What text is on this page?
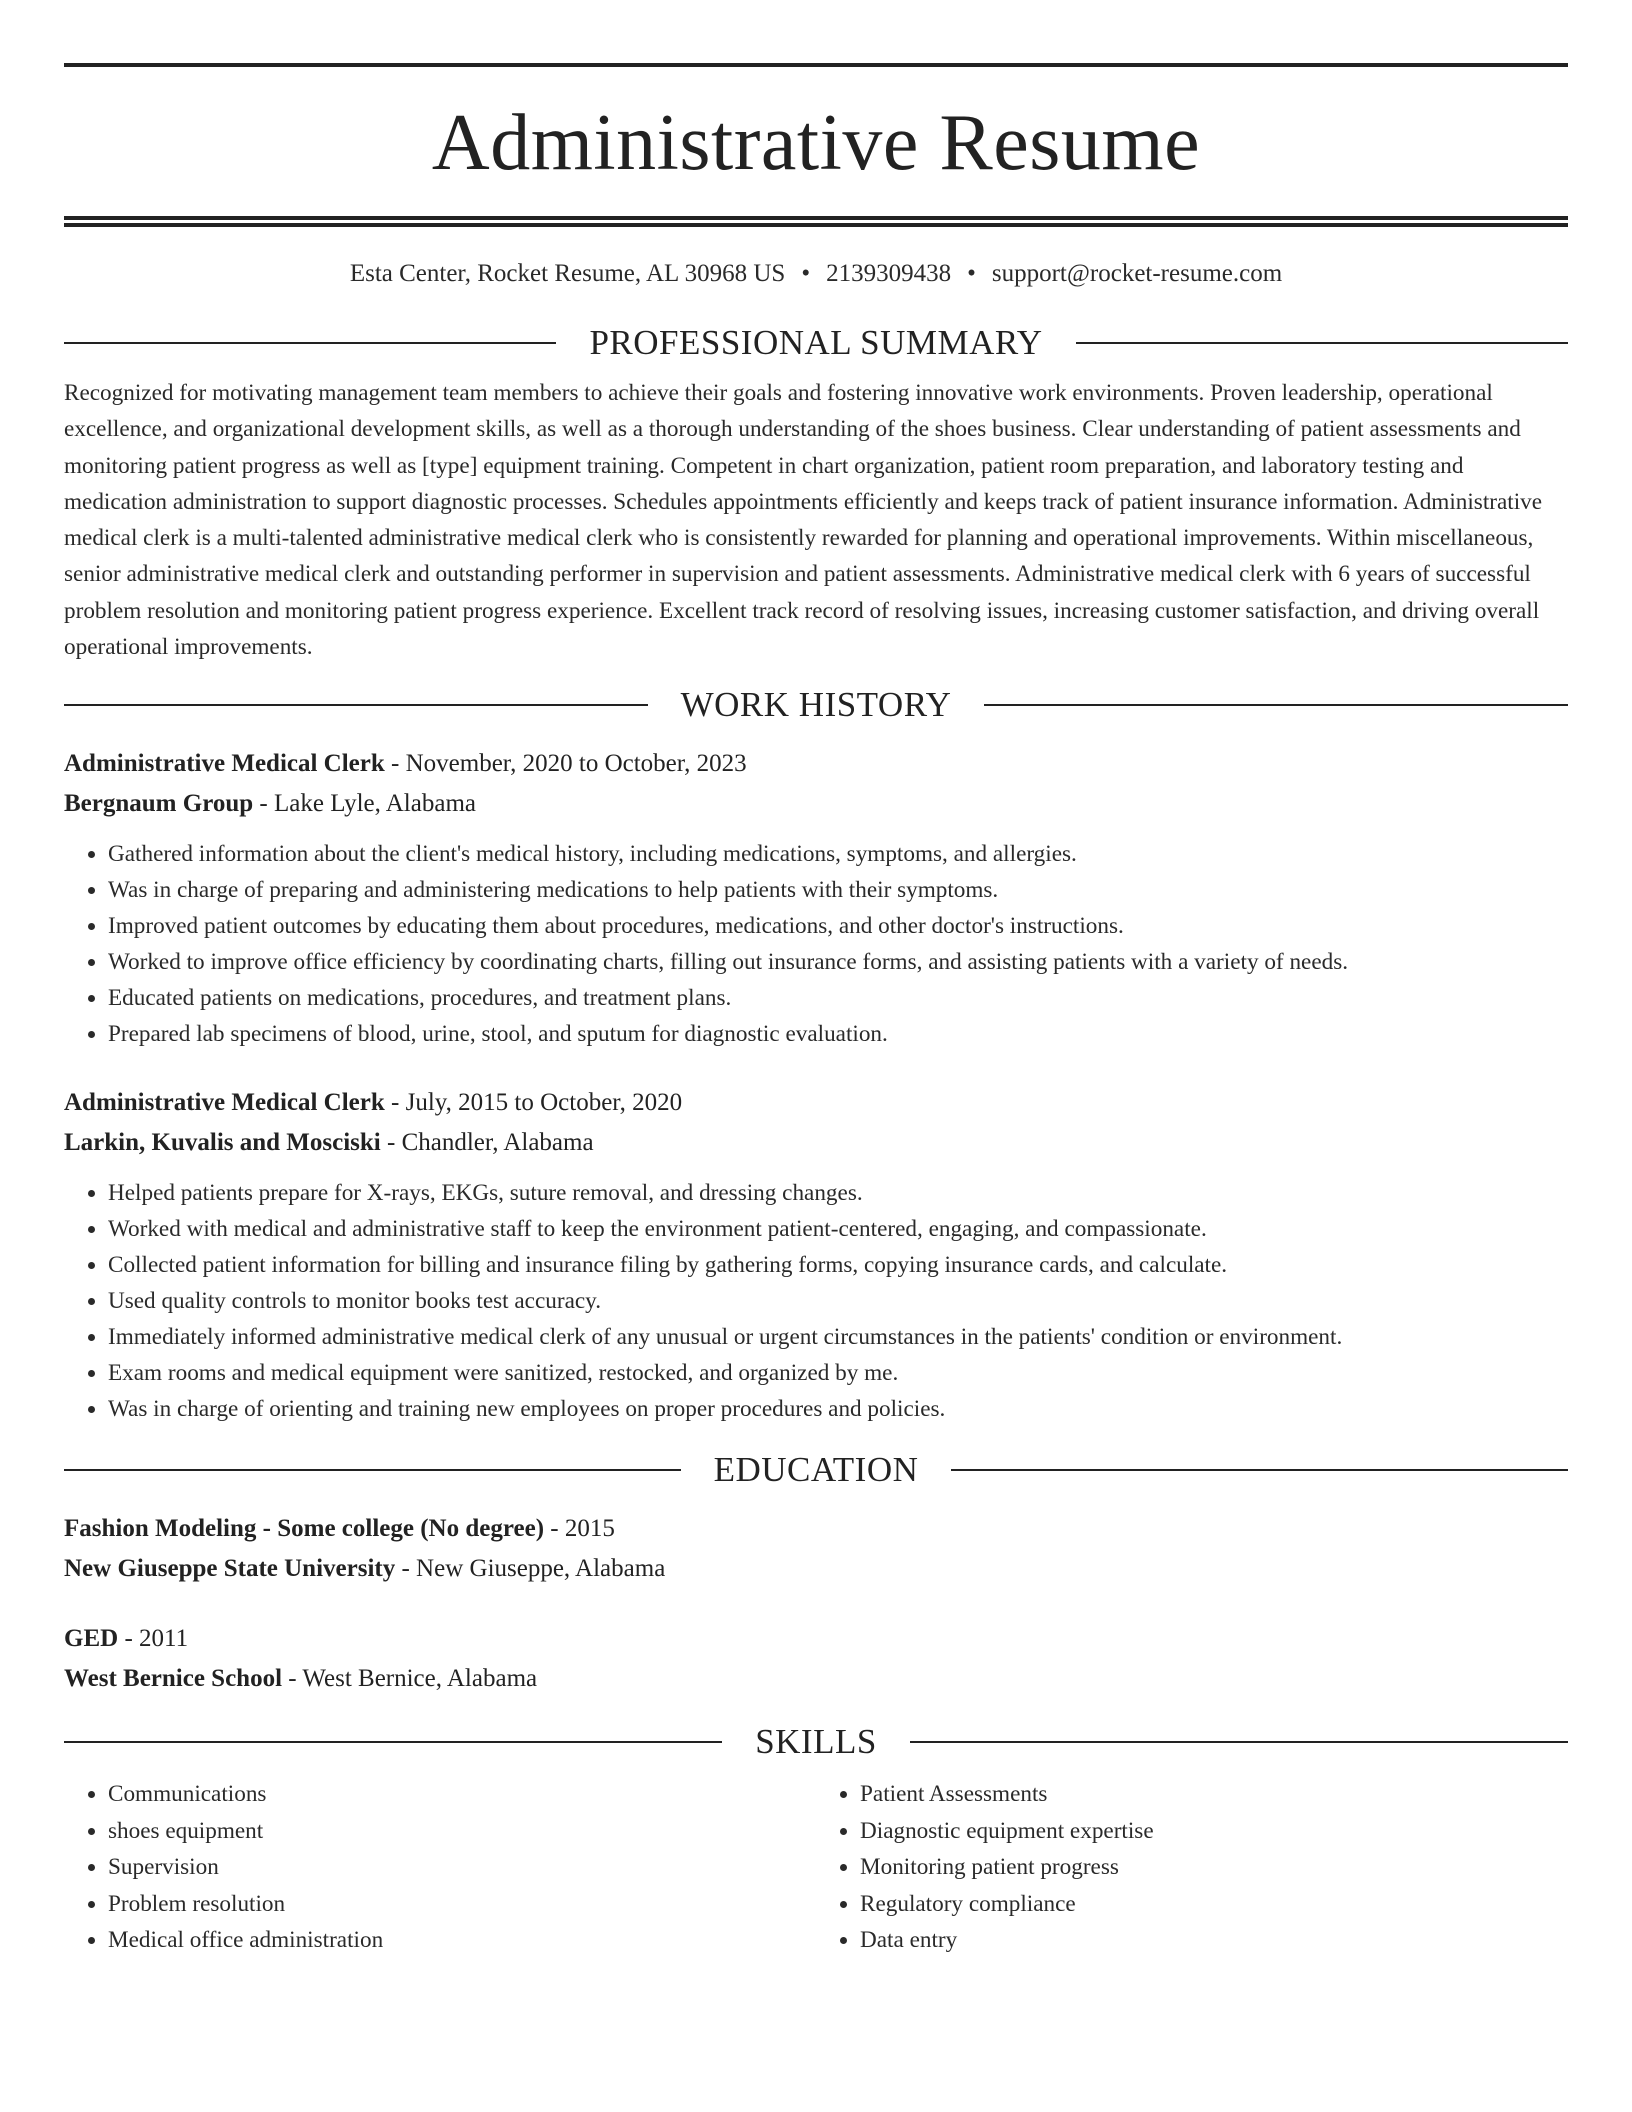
Administrative Resume
Esta Center, Rocket Resume, AL 30968 US • 2139309438 • support@rocket-resume.com
PROFESSIONAL SUMMARY

Recognized for motivating management team members to achieve their goals and fostering innovative work environments. Proven leadership, operational excellence, and organizational development skills, as well as a thorough understanding of the shoes business. Clear understanding of patient assessments and monitoring patient progress as well as [type] equipment training. Competent in chart organization, patient room preparation, and laboratory testing and medication administration to support diagnostic processes. Schedules appointments efficiently and keeps track of patient insurance information. Administrative medical clerk is a multi-talented administrative medical clerk who is consistently rewarded for planning and operational improvements. Within miscellaneous, senior administrative medical clerk and outstanding performer in supervision and patient assessments. Administrative medical clerk with 6 years of successful problem resolution and monitoring patient progress experience. Excellent track record of resolving issues, increasing customer satisfaction, and driving overall operational improvements.

WORK HISTORY
Administrative Medical Clerk - November, 2020 to October, 2023
Bergnaum Group - Lake Lyle, Alabama
• Gathered information about the client's medical history, including medications, symptoms, and allergies.
• Was in charge of preparing and administering medications to help patients with their symptoms.
• Improved patient outcomes by educating them about procedures, medications, and other doctor's instructions.
• Worked to improve office efficiency by coordinating charts, filling out insurance forms, and assisting patients with a variety of needs.
• Educated patients on medications, procedures, and treatment plans.
• Prepared lab specimens of blood, urine, stool, and sputum for diagnostic evaluation.
Administrative Medical Clerk - July, 2015 to October, 2020
Larkin, Kuvalis and Mosciski - Chandler, Alabama
• Helped patients prepare for X-rays, EKGs, suture removal, and dressing changes.
• Worked with medical and administrative staff to keep the environment patient-centered, engaging, and compassionate.
• Collected patient information for billing and insurance filing by gathering forms, copying insurance cards, and calculate.
• Used quality controls to monitor books test accuracy.
• Immediately informed administrative medical clerk of any unusual or urgent circumstances in the patients' condition or environment.
• Exam rooms and medical equipment were sanitized, restocked, and organized by me.
• Was in charge of orienting and training new employees on proper procedures and policies.
EDUCATION
Fashion Modeling - Some college (No degree) - 2015
New Giuseppe State University - New Giuseppe, Alabama
GED - 2011
West Bernice School - West Bernice, Alabama
SKILLS
• Communications
• shoes equipment
• Supervision
• Problem resolution
• Medical office administration
• Patient Assessments
• Diagnostic equipment expertise
• Monitoring patient progress
• Regulatory compliance
• Data entry
